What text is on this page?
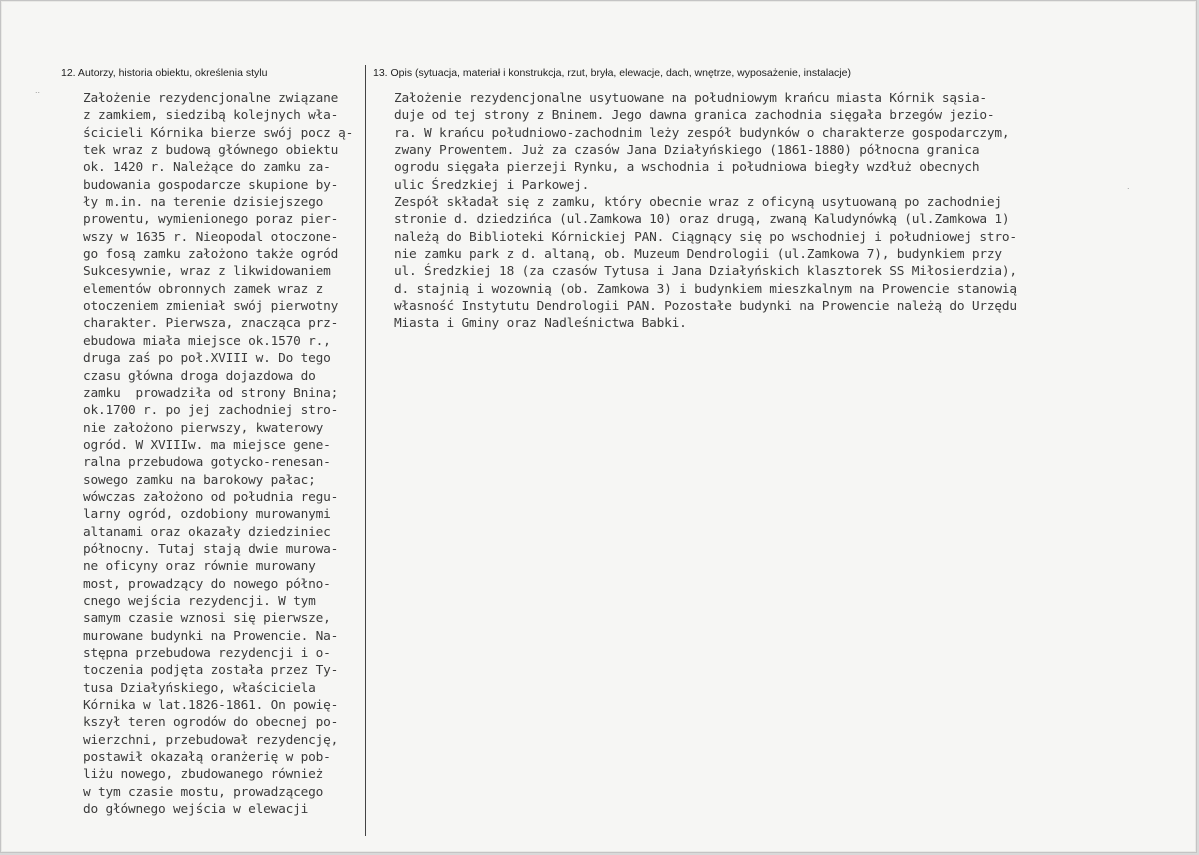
12. Autorzy, historia obiektu, określenia stylu	13. Opis (sytuacja, materiał i konstrukcja, rzut, bryła, elewacje, dach, wnętrze, wyposażenie, instalacje)
Założenie rezydencjonalne związane
z zamkiem, siedzibą kolejnych wła-
ścicieli Kórnika bierze swój pocz ą-
tek wraz z budową głównego obiektu
ok. 1420 r. Należące do zamku za-
budowania gospodarcze skupione by-
ły m.in. na terenie dzisiejszego
prowentu, wymienionego poraz pier-
wszy w 1635 r. Nieopodal otoczone-
go fosą zamku założono także ogród
Sukcesywnie, wraz z likwidowaniem
elementów obronnych zamek wraz z
otoczeniem zmieniał swój pierwotny
charakter. Pierwsza, znacząca prz-
ebudowa miała miejsce ok.1570 r.,
druga zaś po poł.XVIII w. Do tego
czasu główna droga dojazdowa do
zamku  prowadziła od strony Bnina;
ok.1700 r. po jej zachodniej stro-
nie założono pierwszy, kwaterowy
ogród. W XVIIIw. ma miejsce gene-
ralna przebudowa gotycko-renesan-
sowego zamku na barokowy pałac;
wówczas założono od południa regu-
larny ogród, ozdobiony murowanymi
altanami oraz okazały dziedziniec
północny. Tutaj stają dwie murowa-
ne oficyny oraz równie murowany
most, prowadzący do nowego półno-
cnego wejścia rezydencji. W tym
samym czasie wznosi się pierwsze,
murowane budynki na Prowencie. Na-
stępna przebudowa rezydencji i o-
toczenia podjęta została przez Ty-
tusa Działyńskiego, właściciela
Kórnika w lat.1826-1861. On powię-
kszył teren ogrodów do obecnej po-
wierzchni, przebudował rezydencję,
postawił okazałą oranżerię w pob-
liżu nowego, zbudowanego również
w tym czasie mostu, prowadzącego
do głównego wejścia w elewacji
Założenie rezydencjonalne usytuowane na południowym krańcu miasta Kórnik sąsia-
duje od tej strony z Bninem. Jego dawna granica zachodnia sięgała brzegów jezio-
ra. W krańcu południowo-zachodnim leży zespół budynków o charakterze gospodarczym,
zwany Prowentem. Już za czasów Jana Działyńskiego (1861-1880) północna granica
ogrodu sięgała pierzeji Rynku, a wschodnia i południowa biegły wzdłuż obecnych
ulic Średzkiej i Parkowej.
Zespół składał się z zamku, który obecnie wraz z oficyną usytuowaną po zachodniej
stronie d. dziedzińca (ul.Zamkowa 10) oraz drugą, zwaną Kaludynówką (ul.Zamkowa 1)
należą do Biblioteki Kórnickiej PAN. Ciągnący się po wschodniej i południowej stro-
nie zamku park z d. altaną, ob. Muzeum Dendrologii (ul.Zamkowa 7), budynkiem przy
ul. Średzkiej 18 (za czasów Tytusa i Jana Działyńskich klasztorek SS Miłosierdzia),
d. stajnią i wozownią (ob. Zamkowa 3) i budynkiem mieszkalnym na Prowencie stanowią
własność Instytutu Dendrologii PAN. Pozostałe budynki na Prowencie należą do Urzędu
Miasta i Gminy oraz Nadleśnictwa Babki.
..
.
